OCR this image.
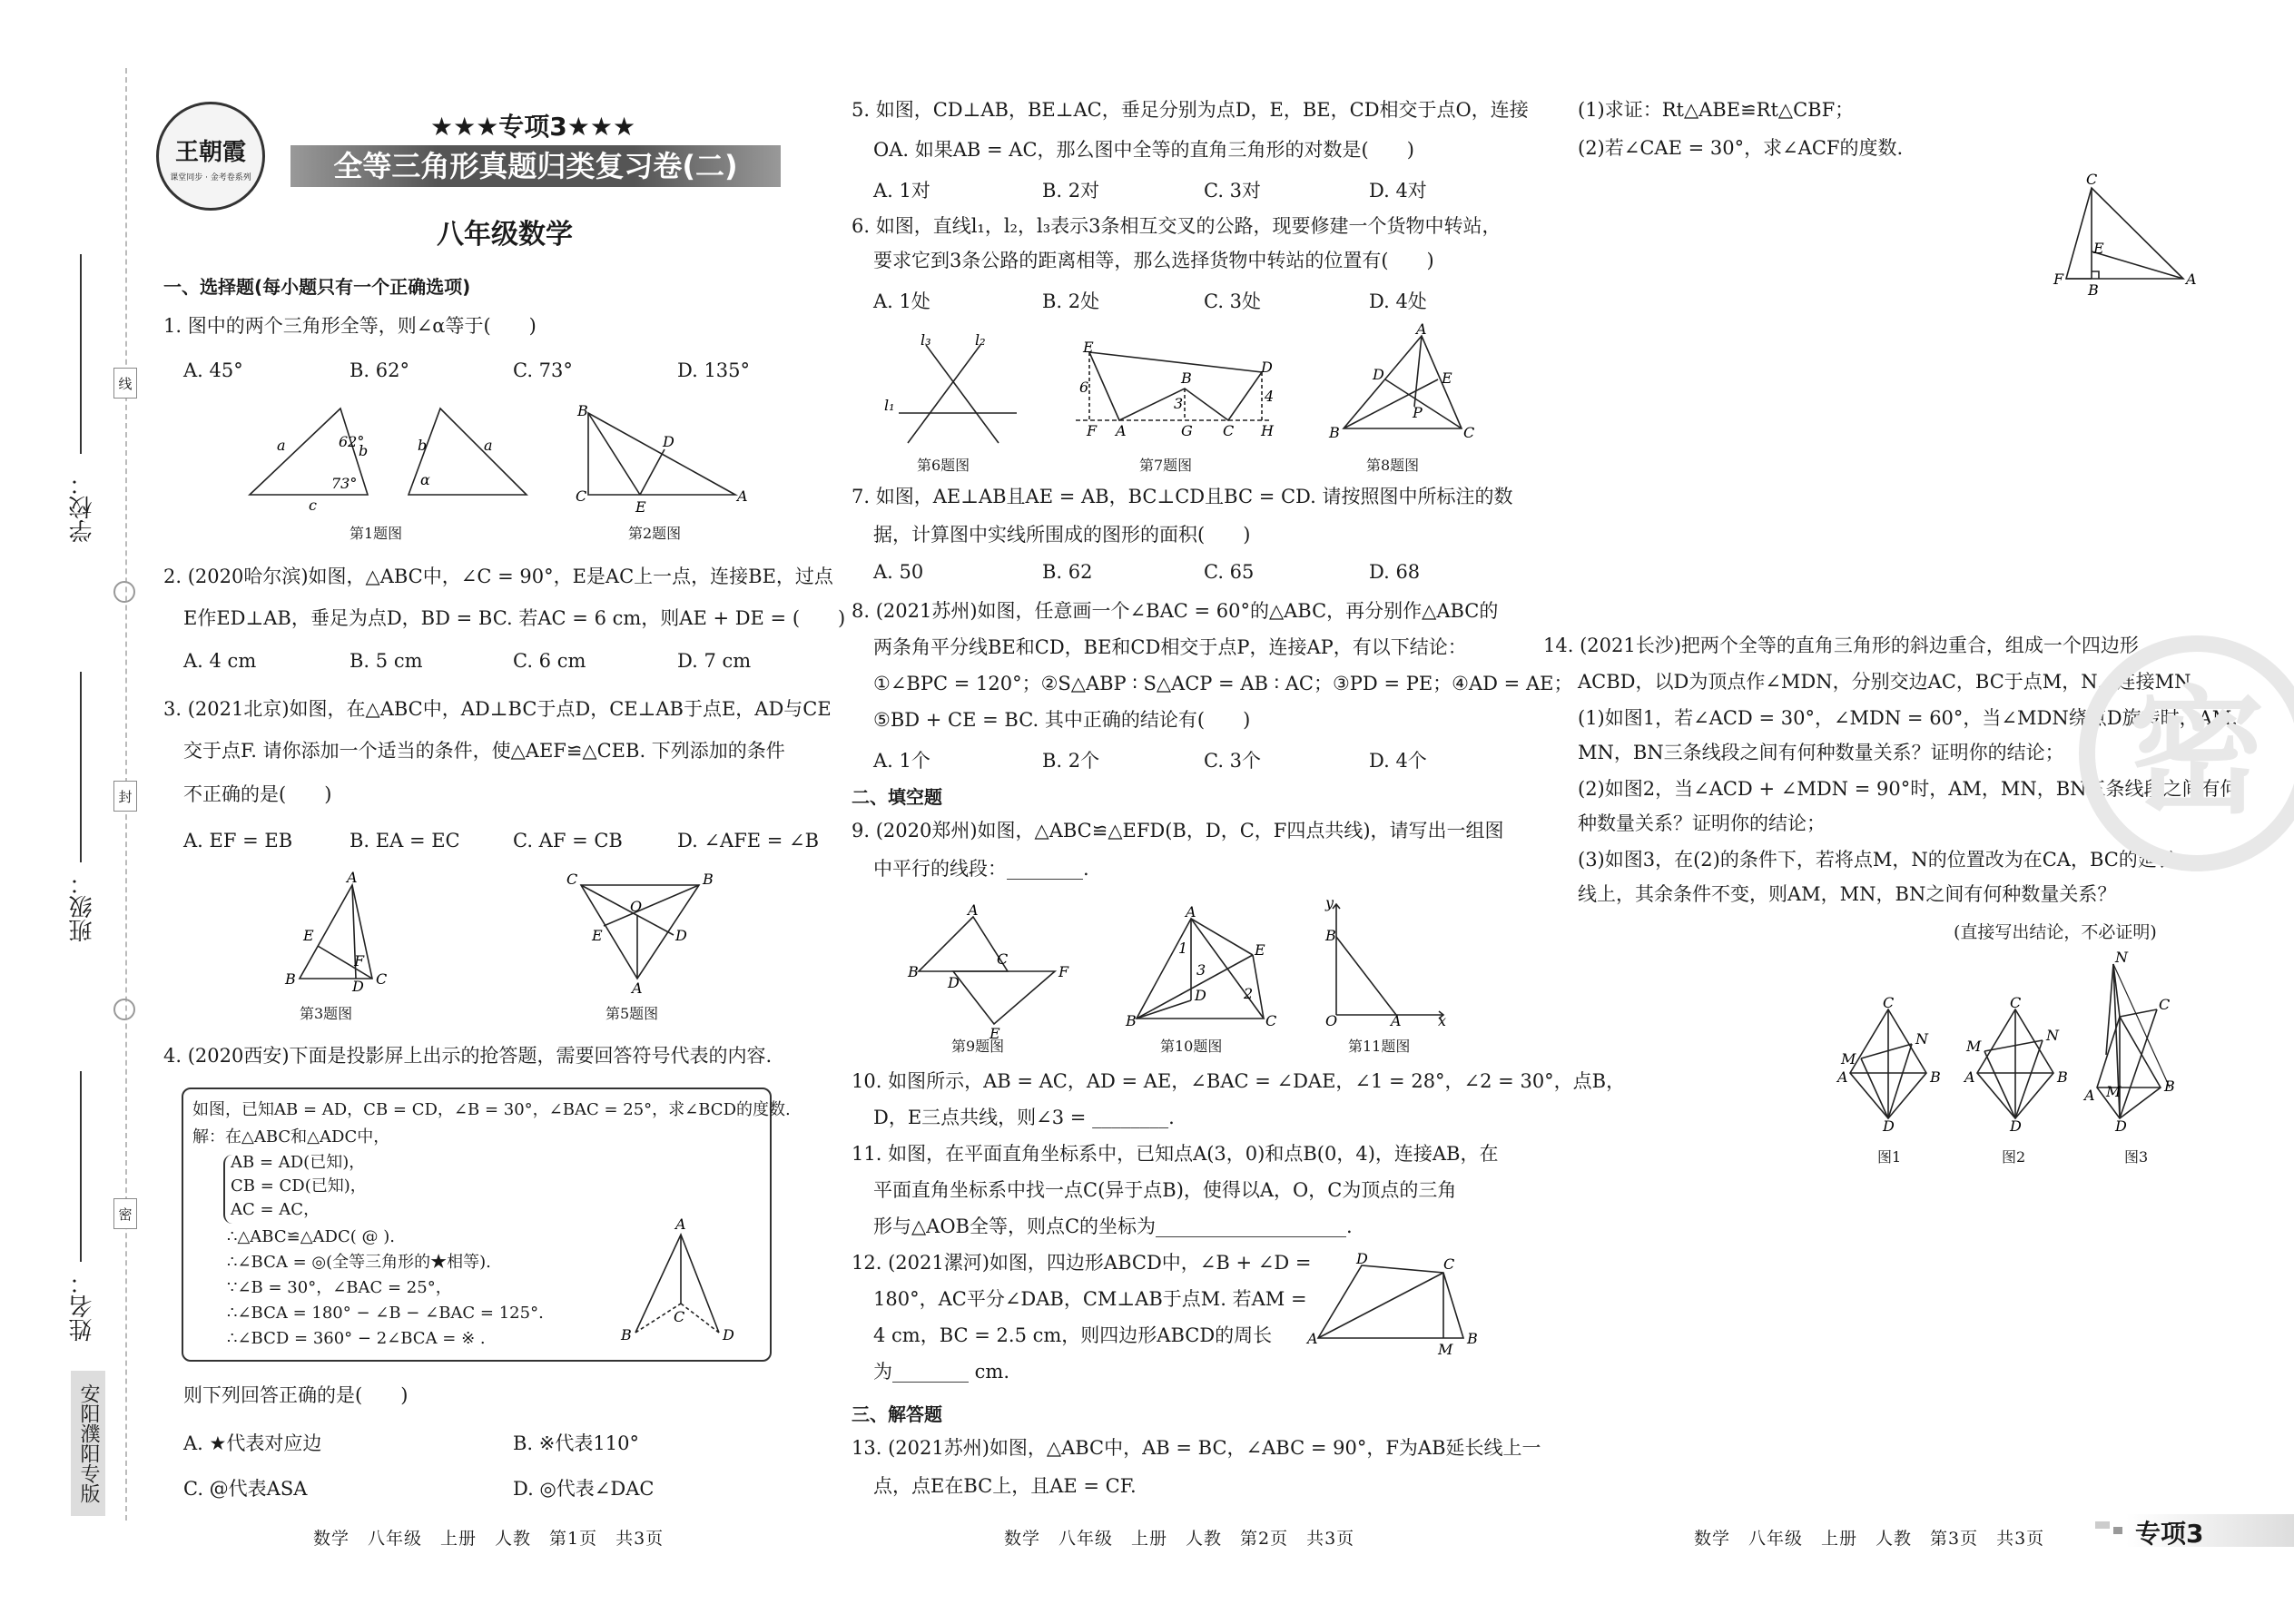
学校：
班级：
姓名：
线
封
密
安阳濮阳专版
王朝霞
课堂同步 · 金考卷系列
★★★专项3★★★
全等三角形真题归类复习卷(二)
八年级数学
一、选择题(每小题只有一个正确选项)
1. 图中的两个三角形全等，则∠α等于(　　)
A. 45°	B. 62°	C. 73°	D. 135°
62°
73°
a	b
c
α
b	a
第1题图
B
C
E
D
A
第2题图
2. (2020哈尔滨)如图，△ABC中，∠C = 90°，E是AC上一点，连接BE，过点
E作ED⊥AB，垂足为点D，BD = BC. 若AC = 6 cm，则AE + DE = (　　)
A. 4 cm	B. 5 cm	C. 6 cm	D. 7 cm
3. (2021北京)如图，在△ABC中，AD⊥BC于点D，CE⊥AB于点E，AD与CE
交于点F. 请你添加一个适当的条件，使△AEF≌△CEB. 下列添加的条件
不正确的是(　　)
A. EF = EB	B. EA = EC	C. AF = CB	D. ∠AFE = ∠B
A
E
F
B	D C
第3题图
C	B
O
E	D
A
第5题图
4. (2020西安)下面是投影屏上出示的抢答题，需要回答符号代表的内容.
如图，已知AB = AD，CB = CD，∠B = 30°，∠BAC = 25°，求∠BCD的度数.
解：在△ABC和△ADC中，
AB = AD(已知)，
CB = CD(已知)，
AC = AC，
∴△ABC≌△ADC( @ ).
∴∠BCA = ◎(全等三角形的★相等).
∵∠B = 30°，∠BAC = 25°，
∴∠BCA = 180° − ∠B − ∠BAC = 125°.
∴∠BCD = 360° − 2∠BCA = ※ .
A
B
C
D
则下列回答正确的是(　　)
A. ★代表对应边	B. ※代表110°
C. @代表ASA	D. ◎代表∠DAC
数学　八年级　上册　人教　第1页　共3页
5. 如图，CD⊥AB，BE⊥AC，垂足分别为点D，E，BE，CD相交于点O，连接
OA. 如果AB = AC，那么图中全等的直角三角形的对数是(　　)
A. 1对	B. 2对	C. 3对	D. 4对
6. 如图，直线l₁，l₂，l₃表示3条相互交叉的公路，现要修建一个货物中转站，
要求它到3条公路的距离相等，那么选择货物中转站的位置有(　　)
A. 1处	B. 2处	C. 3处	D. 4处
l₃	l₂
l₁
第6题图
E
F A
B
G C
D
H
6
3	4
第7题图
A
D	E
P
B	C
第8题图
7. 如图，AE⊥AB且AE = AB，BC⊥CD且BC = CD. 请按照图中所标注的数
据，计算图中实线所围成的图形的面积(　　)
A. 50	B. 62	C. 65	D. 68
8. (2021苏州)如图，任意画一个∠BAC = 60°的△ABC，再分别作△ABC的
两条角平分线BE和CD，BE和CD相交于点P，连接AP，有以下结论：
①∠BPC = 120°；②S△ABP ∶ S△ACP = AB ∶ AC；③PD = PE；④AD = AE；
⑤BD + CE = BC. 其中正确的结论有(　　)
A. 1个	B. 2个	C. 3个	D. 4个
二、填空题
9. (2020郑州)如图，△ABC≌△EFD(B，D，C，F四点共线)，请写出一组图
中平行的线段：________.
A
B
C
D
F
E
第9题图
A
1
3
D
E
2
B	C
第10题图
y
B
O	A	x
第11题图
10. 如图所示，AB = AC，AD = AE，∠BAC = ∠DAE，∠1 = 28°，∠2 = 30°，点B，
D，E三点共线，则∠3 = ________.
11. 如图，在平面直角坐标系中，已知点A(3，0)和点B(0，4)，连接AB，在
平面直角坐标系中找一点C(异于点B)，使得以A，O，C为顶点的三角
形与△AOB全等，则点C的坐标为____________________.
12. (2021漯河)如图，四边形ABCD中，∠B + ∠D =
180°，AC平分∠DAB，CM⊥AB于点M. 若AM =
4 cm，BC = 2.5 cm，则四边形ABCD的周长
为________ cm.
D	C
A
M
B
三、解答题
13. (2021苏州)如图，△ABC中，AB = BC，∠ABC = 90°，F为AB延长线上一
点，点E在BC上，且AE = CF.
数学　八年级　上册　人教　第2页　共3页
(1)求证：Rt△ABE≌Rt△CBF；
(2)若∠CAE = 30°，求∠ACF的度数.
C
E
F
B
A
14. (2021长沙)把两个全等的直角三角形的斜边重合，组成一个四边形
ACBD，以D为顶点作∠MDN，分别交边AC，BC于点M，N，连接MN.
(1)如图1，若∠ACD = 30°，∠MDN = 60°，当∠MDN绕点D旋转时，AM，
MN，BN三条线段之间有何种数量关系？证明你的结论；
(2)如图2，当∠ACD + ∠MDN = 90°时，AM，MN，BN三条线段之间有何
种数量关系？证明你的结论；
(3)如图3，在(2)的条件下，若将点M，N的位置改为在CA，BC的延长
线上，其余条件不变，则AM，MN，BN之间有何种数量关系？
(直接写出结论，不必证明)
C
M
N
A	B
D
图1
C
M
N
A	B
D
图2
N
C
M
A
B
D
图3
密
数学　八年级　上册　人教　第3页　共3页	专项3
